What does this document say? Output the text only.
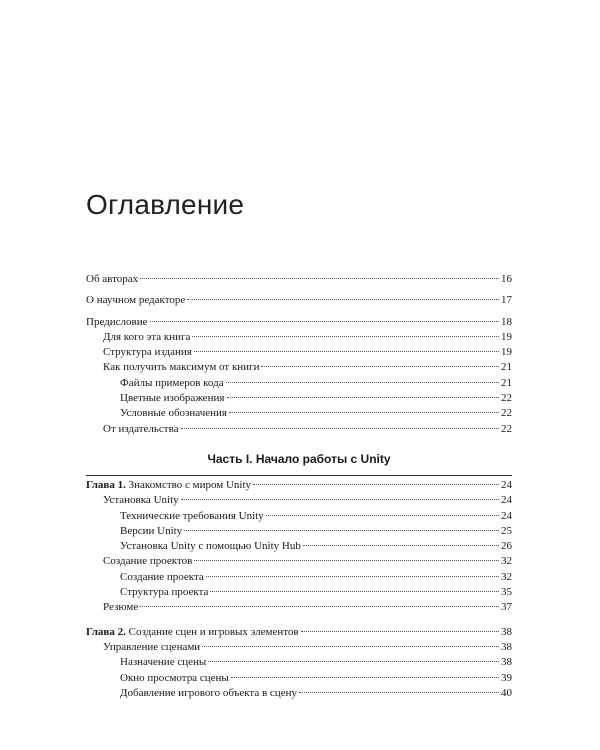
Оглавление
Об авторах	16
О научном редакторе	17
Предисловие	18
Для кого эта книга	19
Структура издания	19
Как получить максимум от книги	21
Файлы примеров кода	21
Цветные изображения	22
Условные обозначения	22
От издательства	22
Часть I. Начало работы с Unity
Глава 1. Знакомство с миром Unity	24
Установка Unity	24
Технические требования Unity	24
Версии Unity	25
Установка Unity с помощью Unity Hub	26
Создание проектов	32
Создание проекта	32
Структура проекта	35
Резюме	37
Глава 2. Создание сцен и игровых элементов	38
Управление сценами	38
Назначение сцены	38
Окно просмотра сцены	39
Добавление игрового объекта в сцену	40
